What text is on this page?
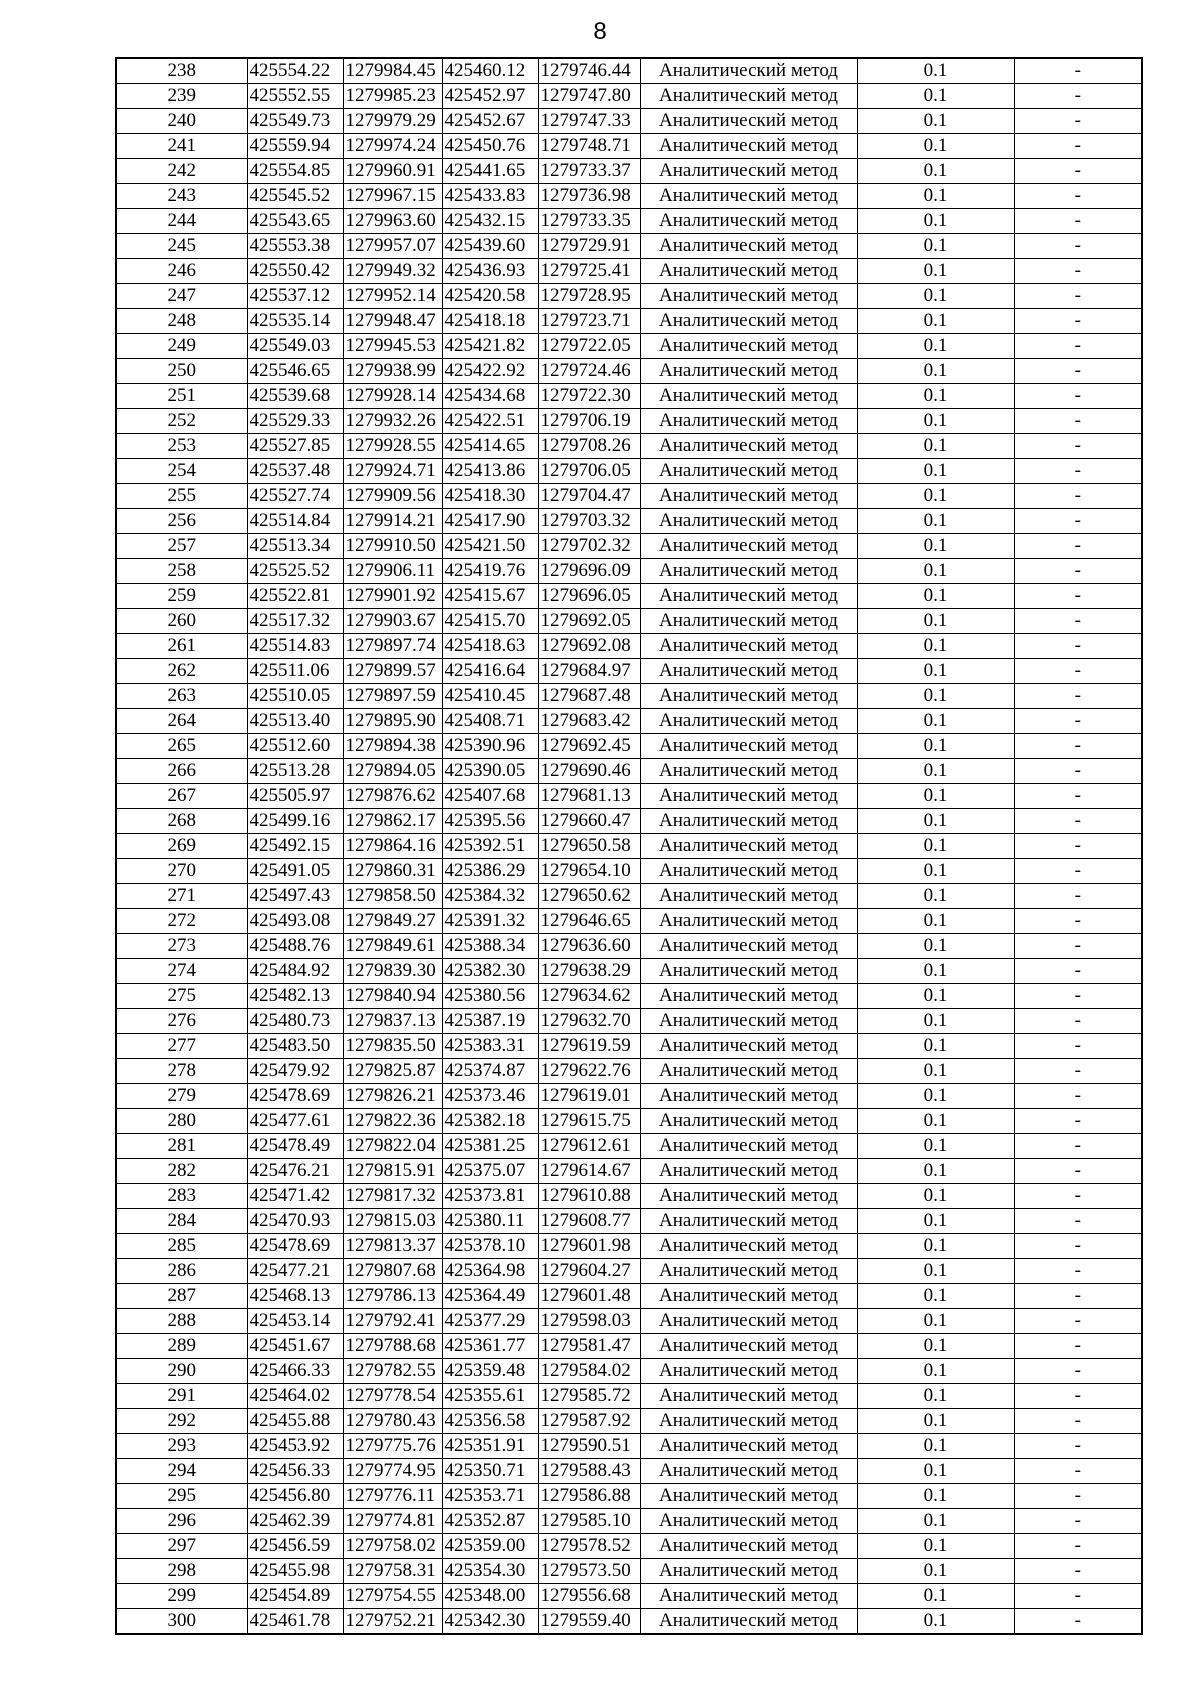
8
238	425554.22	1279984.45	425460.12	1279746.44	Аналитический метод	0.1	-
239	425552.55	1279985.23	425452.97	1279747.80	Аналитический метод	0.1	-
240	425549.73	1279979.29	425452.67	1279747.33	Аналитический метод	0.1	-
241	425559.94	1279974.24	425450.76	1279748.71	Аналитический метод	0.1	-
242	425554.85	1279960.91	425441.65	1279733.37	Аналитический метод	0.1	-
243	425545.52	1279967.15	425433.83	1279736.98	Аналитический метод	0.1	-
244	425543.65	1279963.60	425432.15	1279733.35	Аналитический метод	0.1	-
245	425553.38	1279957.07	425439.60	1279729.91	Аналитический метод	0.1	-
246	425550.42	1279949.32	425436.93	1279725.41	Аналитический метод	0.1	-
247	425537.12	1279952.14	425420.58	1279728.95	Аналитический метод	0.1	-
248	425535.14	1279948.47	425418.18	1279723.71	Аналитический метод	0.1	-
249	425549.03	1279945.53	425421.82	1279722.05	Аналитический метод	0.1	-
250	425546.65	1279938.99	425422.92	1279724.46	Аналитический метод	0.1	-
251	425539.68	1279928.14	425434.68	1279722.30	Аналитический метод	0.1	-
252	425529.33	1279932.26	425422.51	1279706.19	Аналитический метод	0.1	-
253	425527.85	1279928.55	425414.65	1279708.26	Аналитический метод	0.1	-
254	425537.48	1279924.71	425413.86	1279706.05	Аналитический метод	0.1	-
255	425527.74	1279909.56	425418.30	1279704.47	Аналитический метод	0.1	-
256	425514.84	1279914.21	425417.90	1279703.32	Аналитический метод	0.1	-
257	425513.34	1279910.50	425421.50	1279702.32	Аналитический метод	0.1	-
258	425525.52	1279906.11	425419.76	1279696.09	Аналитический метод	0.1	-
259	425522.81	1279901.92	425415.67	1279696.05	Аналитический метод	0.1	-
260	425517.32	1279903.67	425415.70	1279692.05	Аналитический метод	0.1	-
261	425514.83	1279897.74	425418.63	1279692.08	Аналитический метод	0.1	-
262	425511.06	1279899.57	425416.64	1279684.97	Аналитический метод	0.1	-
263	425510.05	1279897.59	425410.45	1279687.48	Аналитический метод	0.1	-
264	425513.40	1279895.90	425408.71	1279683.42	Аналитический метод	0.1	-
265	425512.60	1279894.38	425390.96	1279692.45	Аналитический метод	0.1	-
266	425513.28	1279894.05	425390.05	1279690.46	Аналитический метод	0.1	-
267	425505.97	1279876.62	425407.68	1279681.13	Аналитический метод	0.1	-
268	425499.16	1279862.17	425395.56	1279660.47	Аналитический метод	0.1	-
269	425492.15	1279864.16	425392.51	1279650.58	Аналитический метод	0.1	-
270	425491.05	1279860.31	425386.29	1279654.10	Аналитический метод	0.1	-
271	425497.43	1279858.50	425384.32	1279650.62	Аналитический метод	0.1	-
272	425493.08	1279849.27	425391.32	1279646.65	Аналитический метод	0.1	-
273	425488.76	1279849.61	425388.34	1279636.60	Аналитический метод	0.1	-
274	425484.92	1279839.30	425382.30	1279638.29	Аналитический метод	0.1	-
275	425482.13	1279840.94	425380.56	1279634.62	Аналитический метод	0.1	-
276	425480.73	1279837.13	425387.19	1279632.70	Аналитический метод	0.1	-
277	425483.50	1279835.50	425383.31	1279619.59	Аналитический метод	0.1	-
278	425479.92	1279825.87	425374.87	1279622.76	Аналитический метод	0.1	-
279	425478.69	1279826.21	425373.46	1279619.01	Аналитический метод	0.1	-
280	425477.61	1279822.36	425382.18	1279615.75	Аналитический метод	0.1	-
281	425478.49	1279822.04	425381.25	1279612.61	Аналитический метод	0.1	-
282	425476.21	1279815.91	425375.07	1279614.67	Аналитический метод	0.1	-
283	425471.42	1279817.32	425373.81	1279610.88	Аналитический метод	0.1	-
284	425470.93	1279815.03	425380.11	1279608.77	Аналитический метод	0.1	-
285	425478.69	1279813.37	425378.10	1279601.98	Аналитический метод	0.1	-
286	425477.21	1279807.68	425364.98	1279604.27	Аналитический метод	0.1	-
287	425468.13	1279786.13	425364.49	1279601.48	Аналитический метод	0.1	-
288	425453.14	1279792.41	425377.29	1279598.03	Аналитический метод	0.1	-
289	425451.67	1279788.68	425361.77	1279581.47	Аналитический метод	0.1	-
290	425466.33	1279782.55	425359.48	1279584.02	Аналитический метод	0.1	-
291	425464.02	1279778.54	425355.61	1279585.72	Аналитический метод	0.1	-
292	425455.88	1279780.43	425356.58	1279587.92	Аналитический метод	0.1	-
293	425453.92	1279775.76	425351.91	1279590.51	Аналитический метод	0.1	-
294	425456.33	1279774.95	425350.71	1279588.43	Аналитический метод	0.1	-
295	425456.80	1279776.11	425353.71	1279586.88	Аналитический метод	0.1	-
296	425462.39	1279774.81	425352.87	1279585.10	Аналитический метод	0.1	-
297	425456.59	1279758.02	425359.00	1279578.52	Аналитический метод	0.1	-
298	425455.98	1279758.31	425354.30	1279573.50	Аналитический метод	0.1	-
299	425454.89	1279754.55	425348.00	1279556.68	Аналитический метод	0.1	-
300	425461.78	1279752.21	425342.30	1279559.40	Аналитический метод	0.1	-
